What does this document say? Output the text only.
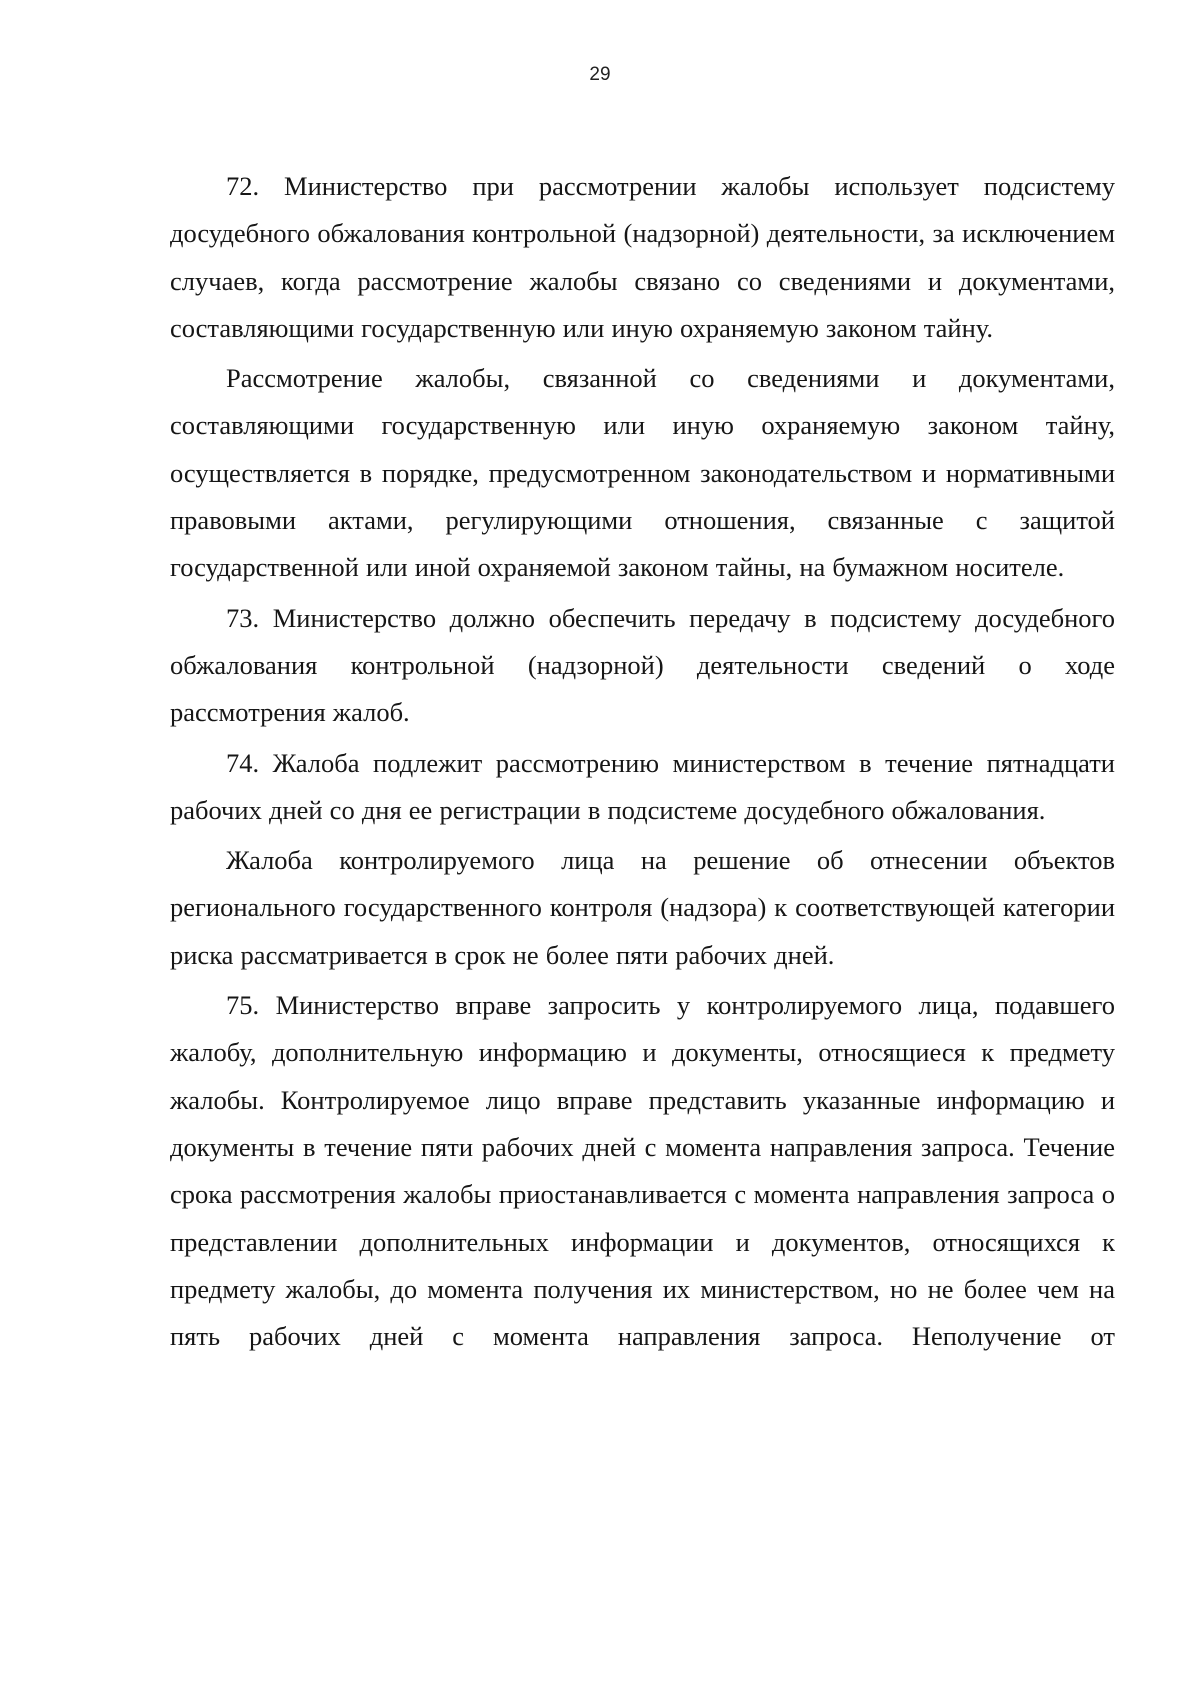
29

72. Министерство при рассмотрении жалобы использует подсистему досудебного обжалования контрольной (надзорной) деятельности, за исключением случаев, когда рассмотрение жалобы связано со сведениями и документами, составляющими государственную или иную охраняемую законом тайну.

Рассмотрение жалобы, связанной со сведениями и документами, составляющими государственную или иную охраняемую законом тайну, осуществляется в порядке, предусмотренном законодательством и нормативными правовыми актами, регулирующими отношения, связанные с защитой государственной или иной охраняемой законом тайны, на бумажном носителе.

73. Министерство должно обеспечить передачу в подсистему досудебного обжалования контрольной (надзорной) деятельности сведений о ходе рассмотрения жалоб.

74. Жалоба подлежит рассмотрению министерством в течение пятнадцати рабочих дней со дня ее регистрации в подсистеме досудебного обжалования.

Жалоба контролируемого лица на решение об отнесении объектов регионального государственного контроля (надзора) к соответствующей категории риска рассматривается в срок не более пяти рабочих дней.

75. Министерство вправе запросить у контролируемого лица, подавшего жалобу, дополнительную информацию и документы, относящиеся к предмету жалобы. Контролируемое лицо вправе представить указанные информацию и документы в течение пяти рабочих дней с момента направления запроса. Течение срока рассмотрения жалобы приостанавливается с момента направления запроса о представлении дополнительных информации и документов, относящихся к предмету жалобы, до момента получения их министерством, но не более чем на пять рабочих дней с момента направления запроса. Неполучение от
